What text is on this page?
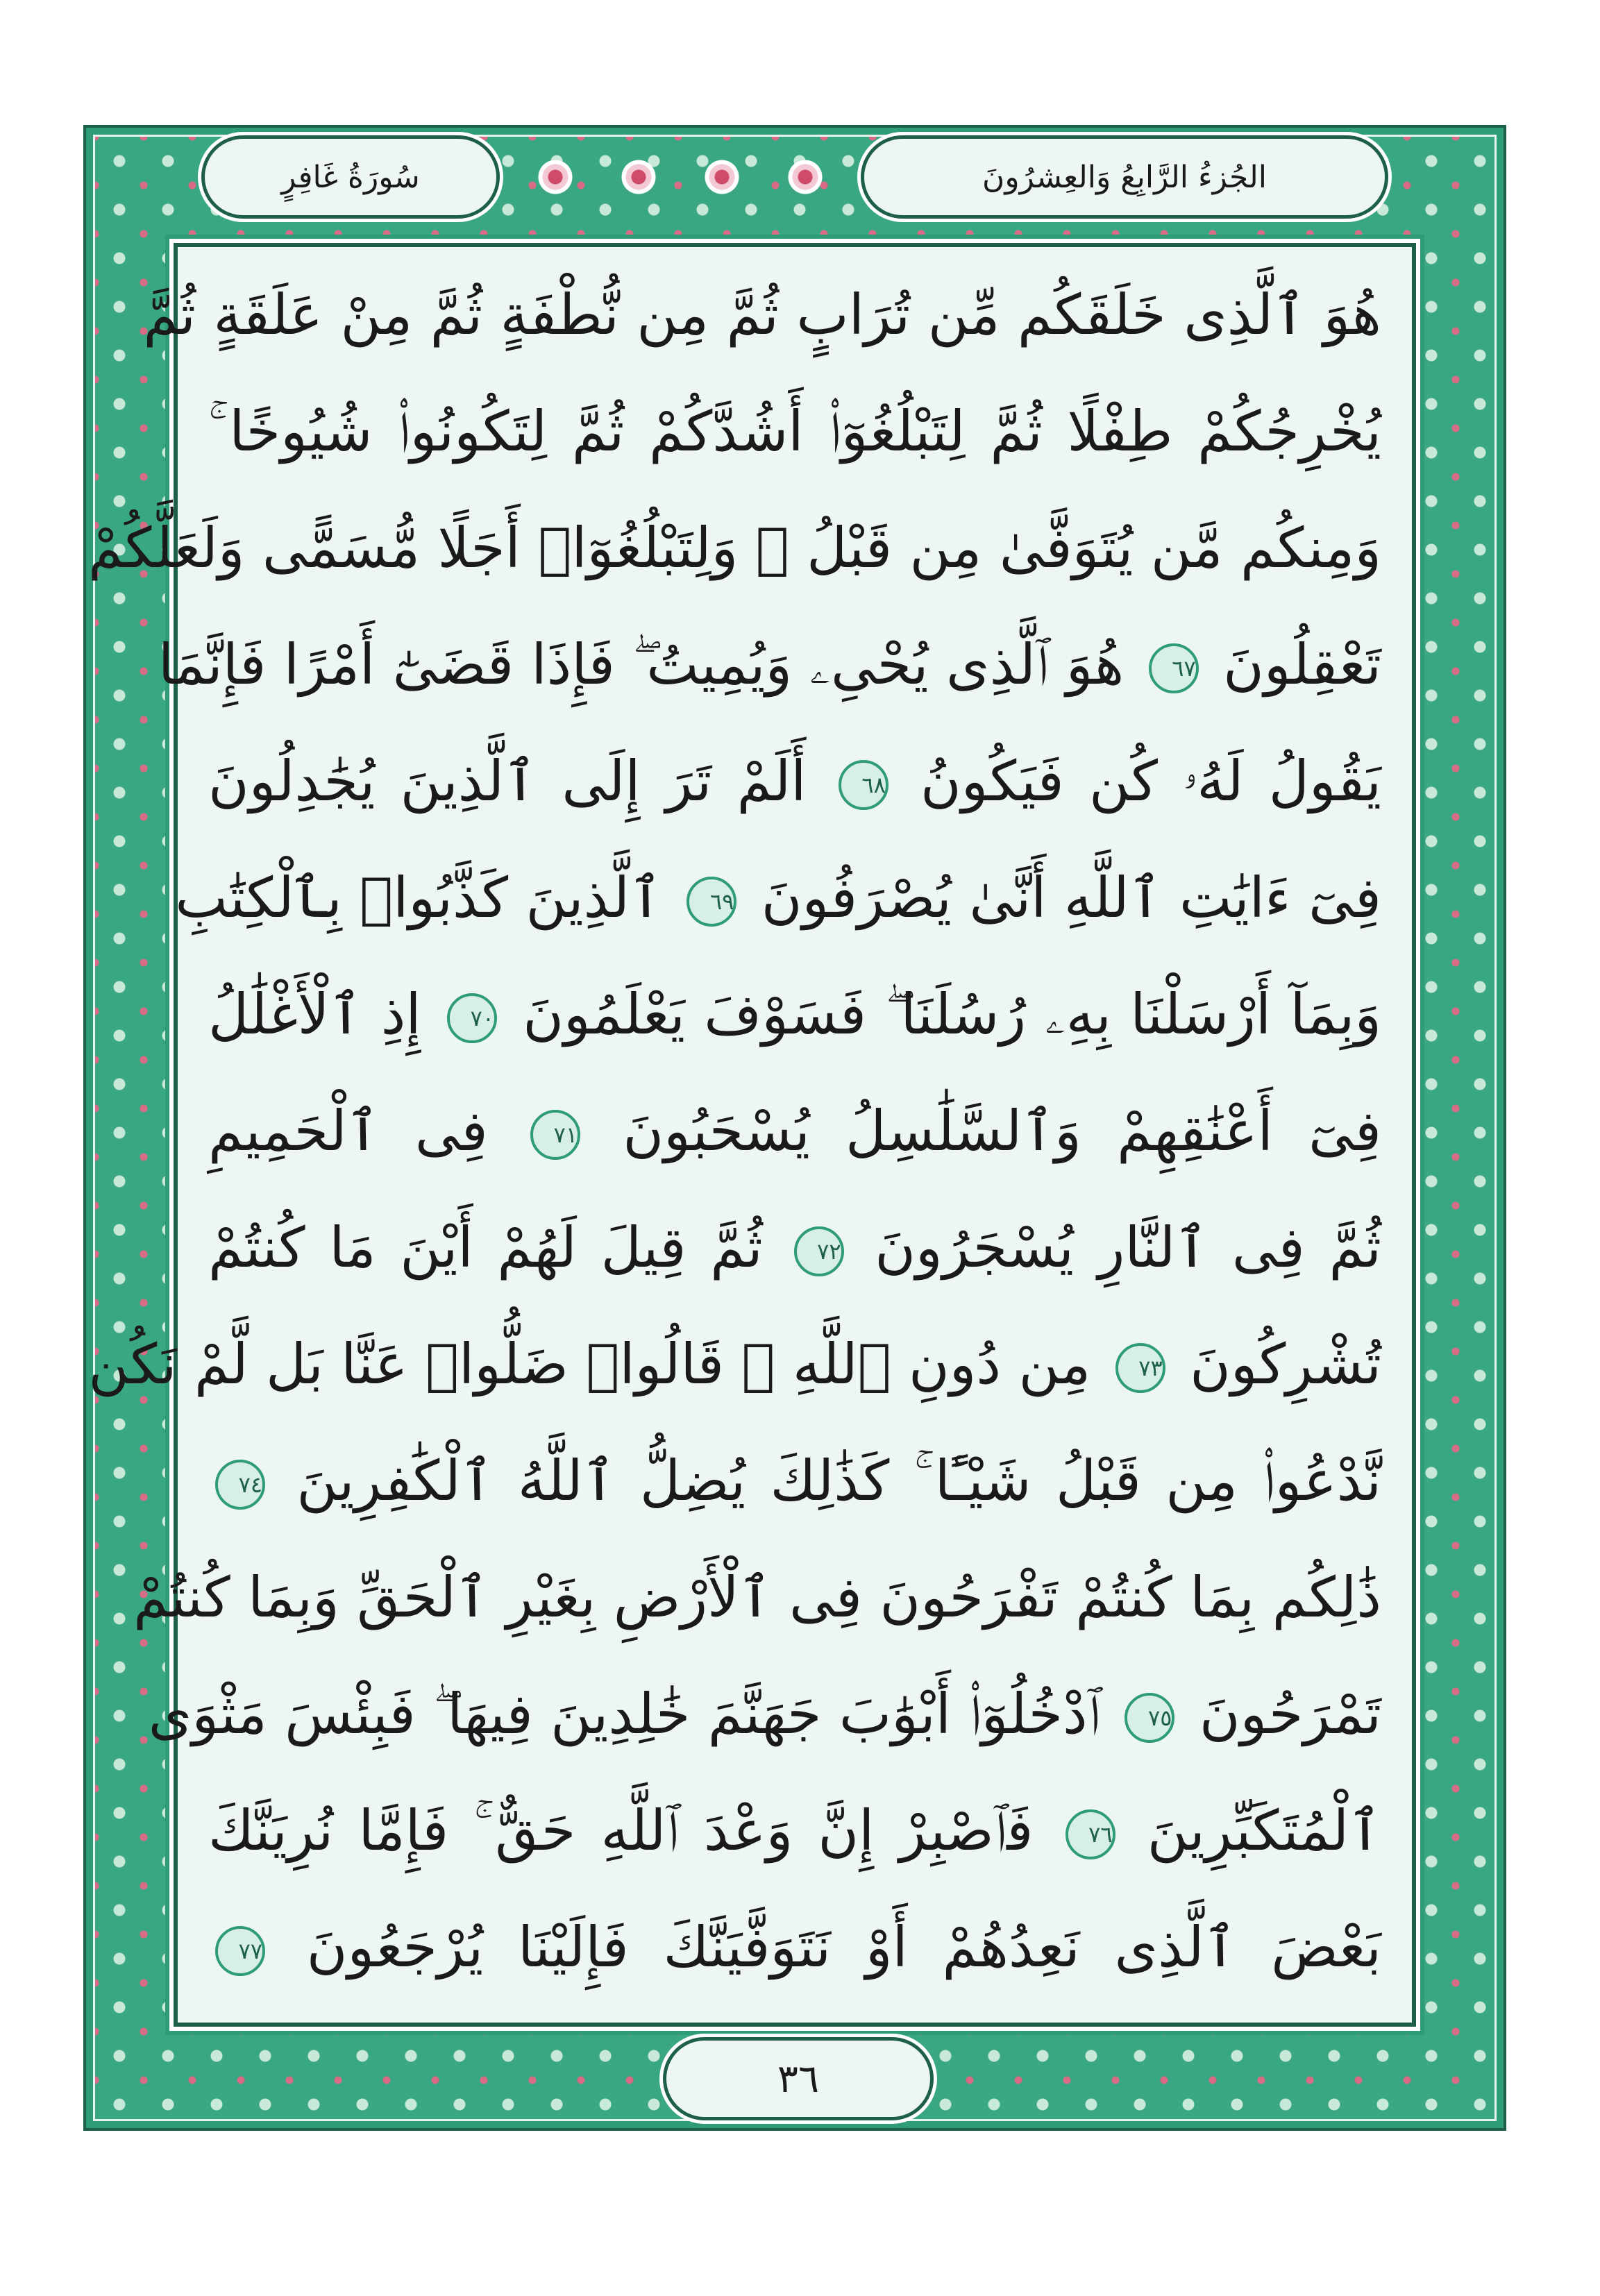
الجُزءُ الرَّابِعُ وَالعِشرُونَ
سُورَةُ غَافِرٍ
هُوَ ٱلَّذِى خَلَقَكُم مِّن تُرَابٍ ثُمَّ مِن نُّطْفَةٍ ثُمَّ مِنْ عَلَقَةٍ ثُمَّ
يُخْرِجُكُمْ طِفْلًا ثُمَّ لِتَبْلُغُوٓا۟ أَشُدَّكُمْ ثُمَّ لِتَكُونُوا۟ شُيُوخًا ۚ
وَمِنكُم مَّن يُتَوَفَّىٰ مِن قَبْلُ ۖ وَلِتَبْلُغُوٓا۟ أَجَلًا مُّسَمًّى وَلَعَلَّكُمْ
تَعْقِلُونَ ٦٧ هُوَ ٱلَّذِى يُحْىِۦ وَيُمِيتُ ۖ فَإِذَا قَضَىٰٓ أَمْرًا فَإِنَّمَا
يَقُولُ لَهُۥ كُن فَيَكُونُ ٦٨ أَلَمْ تَرَ إِلَى ٱلَّذِينَ يُجَٰدِلُونَ
فِىٓ ءَايَٰتِ ٱللَّهِ أَنَّىٰ يُصْرَفُونَ ٦٩ ٱلَّذِينَ كَذَّبُوا۟ بِٱلْكِتَٰبِ
وَبِمَآ أَرْسَلْنَا بِهِۦ رُسُلَنَا ۖ فَسَوْفَ يَعْلَمُونَ ٧٠ إِذِ ٱلْأَغْلَٰلُ
فِىٓ أَعْنَٰقِهِمْ وَٱلسَّلَٰسِلُ يُسْحَبُونَ ٧١ فِى ٱلْحَمِيمِ
ثُمَّ فِى ٱلنَّارِ يُسْجَرُونَ ٧٢ ثُمَّ قِيلَ لَهُمْ أَيْنَ مَا كُنتُمْ
تُشْرِكُونَ ٧٣ مِن دُونِ ٱللَّهِ ۖ قَالُوا۟ ضَلُّوا۟ عَنَّا بَل لَّمْ نَكُن
نَّدْعُوا۟ مِن قَبْلُ شَيْـًٔا ۚ كَذَٰلِكَ يُضِلُّ ٱللَّهُ ٱلْكَٰفِرِينَ ٧٤
ذَٰلِكُم بِمَا كُنتُمْ تَفْرَحُونَ فِى ٱلْأَرْضِ بِغَيْرِ ٱلْحَقِّ وَبِمَا كُنتُمْ
تَمْرَحُونَ ٧٥ ٱدْخُلُوٓا۟ أَبْوَٰبَ جَهَنَّمَ خَٰلِدِينَ فِيهَا ۖ فَبِئْسَ مَثْوَى
ٱلْمُتَكَبِّرِينَ ٧٦ فَٱصْبِرْ إِنَّ وَعْدَ ٱللَّهِ حَقٌّ ۚ فَإِمَّا نُرِيَنَّكَ
بَعْضَ ٱلَّذِى نَعِدُهُمْ أَوْ نَتَوَفَّيَنَّكَ فَإِلَيْنَا يُرْجَعُونَ ٧٧
٣٦
